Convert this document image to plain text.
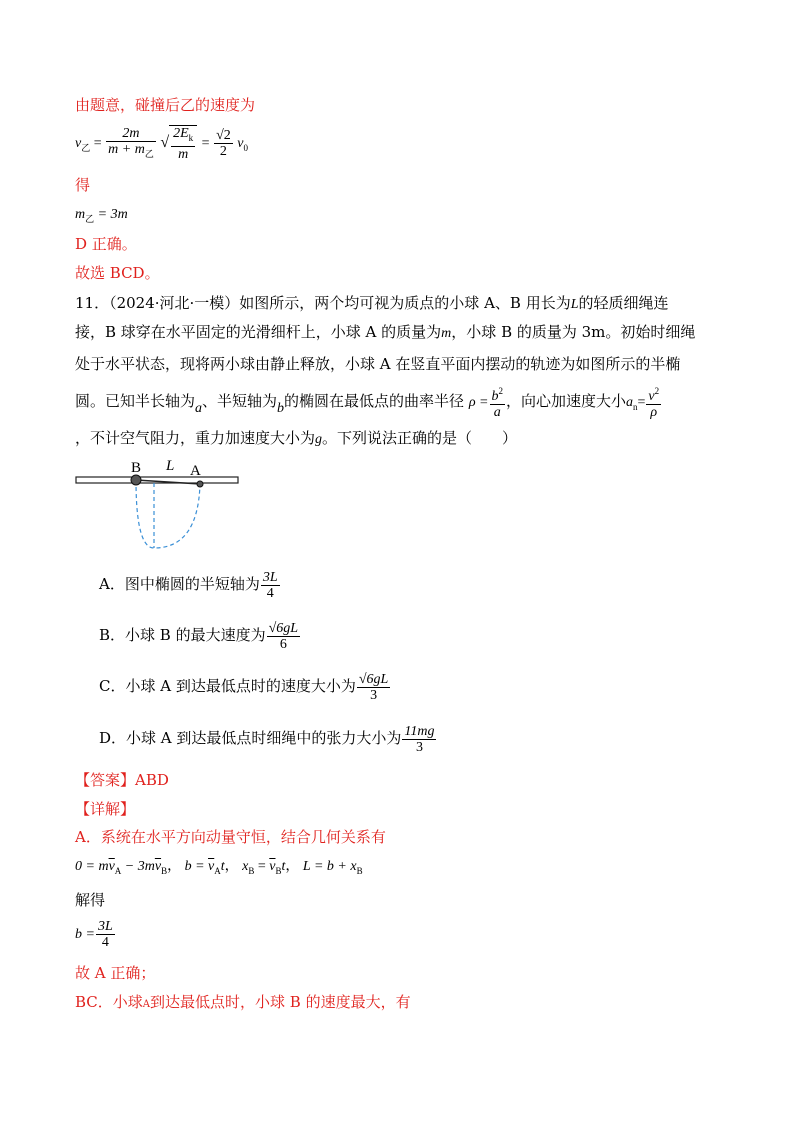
由题意，碰撞后乙的速度为
$v_乙 = \frac{2m}{m + m_乙}$ √ $\frac{2E_k}{m} = \frac{√2}{2} v_0$
得
$m_乙 = 3m$
D 正确。
故选 BCD。
11．（2024·河北·一模）如图所示，两个均可视为质点的小球 A、B 用长为L的轻质细绳连
接，B 球穿在水平固定的光滑细杆上，小球 A 的质量为m，小球 B 的质量为 3m。初始时细绳
处于水平状态，现将两小球由静止释放，小球 A 在竖直平面内摆动的轨迹为如图所示的半椭
圆。已知半长轴为a、半短轴为b的椭圆在最低点的曲率半径 $\rho = \frac{b^2}{a}$ ，向心加速度大小$a_n= \frac{v^2}{\rho}$
，不计空气阻力，重力加速度大小为g。下列说法正确的是（　　）
B L A
A．图中椭圆的半短轴为 $\frac{3L}{4}$
B．小球 B 的最大速度为 $\frac{√6gL}{6}$
C．小球 A 到达最低点时的速度大小为 $\frac{√6gL}{3}$
D．小球 A 到达最低点时细绳中的张力大小为 $\frac{11mg}{3}$
【答案】ABD
【详解】
A．系统在水平方向动量守恒，结合几何关系有
$0 = m\overline{v}_A - 3m\overline{v}_B$， $b = \overline{v}_At$， $x_B = \overline{v}_Bt$， $L = b + x_B$
解得
$b = \frac{3L}{4}$
故 A 正确；
BC．小球A到达最低点时，小球 B 的速度最大，有
